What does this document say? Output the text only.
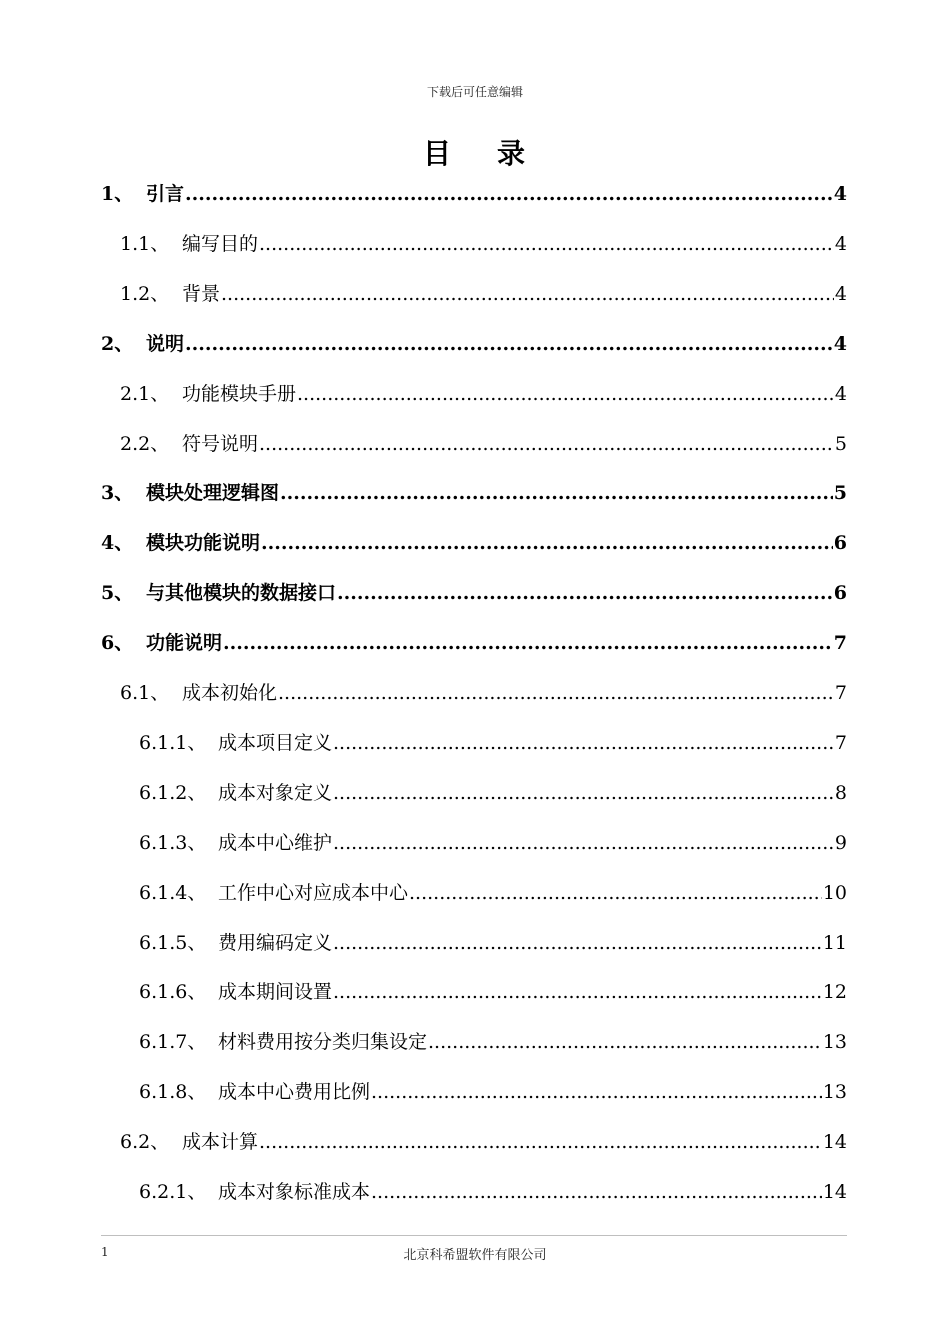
下载后可任意编辑
目 录
1、 引言 .....	4
1.1、 编写目的 .....	4
1.2、 背景 .....	4
2、 说明 .....	4
2.1、 功能模块手册 .....	4
2.2、 符号说明 .....	5
3、 模块处理逻辑图 .....	5
4、 模块功能说明 .....	6
5、 与其他模块的数据接口 .....	6
6、 功能说明 .....	7
6.1、 成本初始化 .....	7
6.1.1、 成本项目定义 .....	7
6.1.2、 成本对象定义 .....	8
6.1.3、 成本中心维护 .....	9
6.1.4、 工作中心对应成本中心 .....	10
6.1.5、 费用编码定义 .....	11
6.1.6、 成本期间设置 .....	12
6.1.7、 材料费用按分类归集设定 .....	13
6.1.8、 成本中心费用比例 .....	13
6.2、 成本计算 .....	14
6.2.1、 成本对象标准成本 .....	14
1	北京科希盟软件有限公司
